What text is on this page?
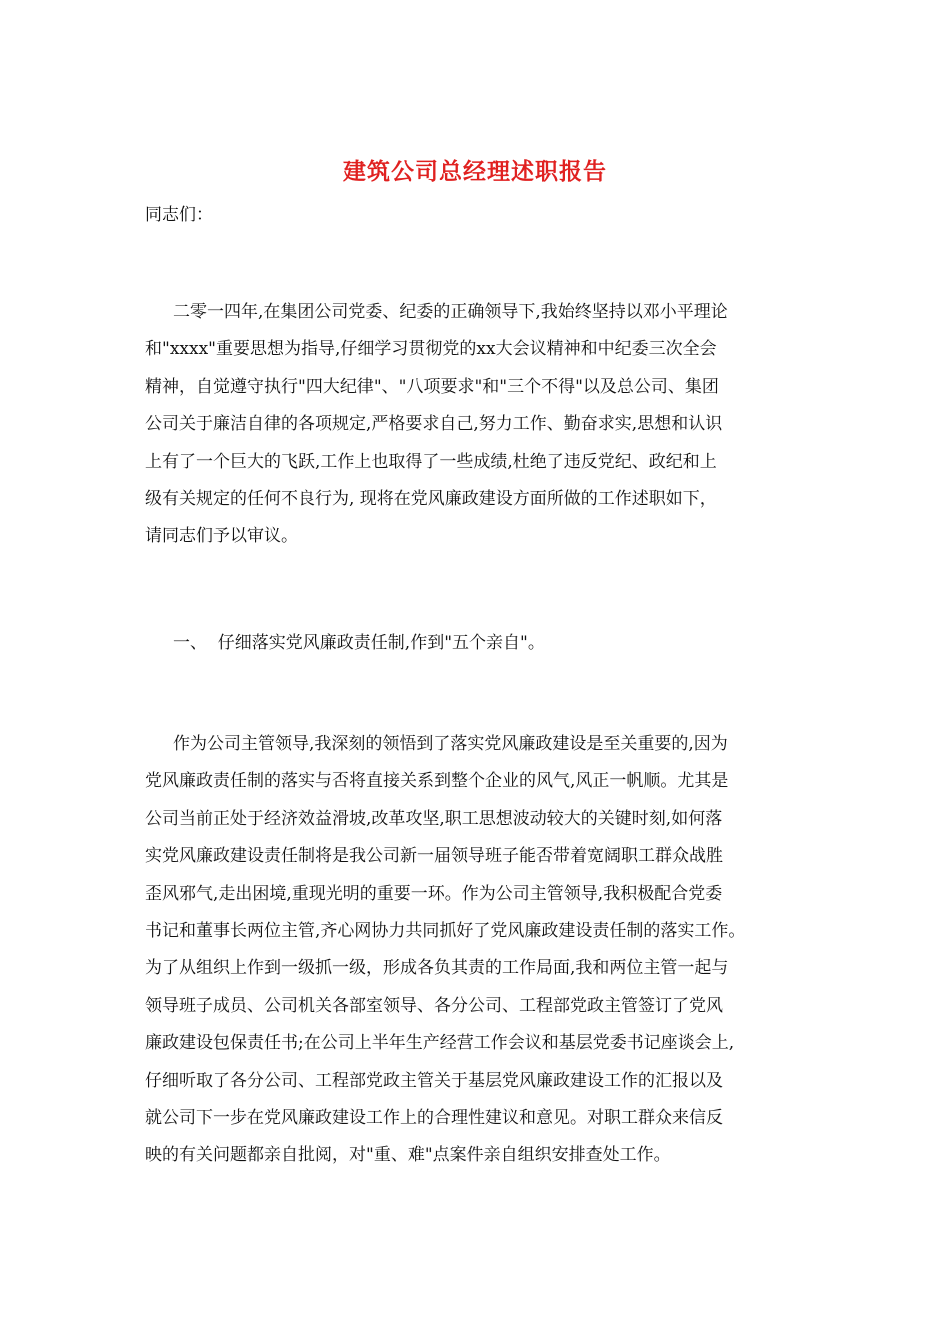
建筑公司总经理述职报告
同志们：
二零一四年,在集团公司党委、纪委的正确领导下,我始终坚持以邓小平理论
和"xxxx"重要思想为指导,仔细学习贯彻党的xx大会议精神和中纪委三次全会
精神，自觉遵守执行"四大纪律"、"八项要求"和"三个不得"以及总公司、集团
公司关于廉洁自律的各项规定,严格要求自己,努力工作、勤奋求实,思想和认识
上有了一个巨大的飞跃,工作上也取得了一些成绩,杜绝了违反党纪、政纪和上
级有关规定的任何不良行为, 现将在党风廉政建设方面所做的工作述职如下，
请同志们予以审议。
一、  仔细落实党风廉政责任制,作到"五个亲自"。
作为公司主管领导,我深刻的领悟到了落实党风廉政建设是至关重要的,因为
党风廉政责任制的落实与否将直接关系到整个企业的风气,风正一帆顺。尤其是
公司当前正处于经济效益滑坡,改革攻坚,职工思想波动较大的关键时刻,如何落
实党风廉政建设责任制将是我公司新一届领导班子能否带着宽阔职工群众战胜
歪风邪气,走出困境,重现光明的重要一环。作为公司主管领导,我积极配合党委
书记和董事长两位主管,齐心网协力共同抓好了党风廉政建设责任制的落实工作。
为了从组织上作到一级抓一级，形成各负其责的工作局面,我和两位主管一起与
领导班子成员、公司机关各部室领导、各分公司、工程部党政主管签订了党风
廉政建设包保责任书;在公司上半年生产经营工作会议和基层党委书记座谈会上,
仔细听取了各分公司、工程部党政主管关于基层党风廉政建设工作的汇报以及
就公司下一步在党风廉政建设工作上的合理性建议和意见。对职工群众来信反
映的有关问题都亲自批阅，对"重、难"点案件亲自组织安排查处工作。
